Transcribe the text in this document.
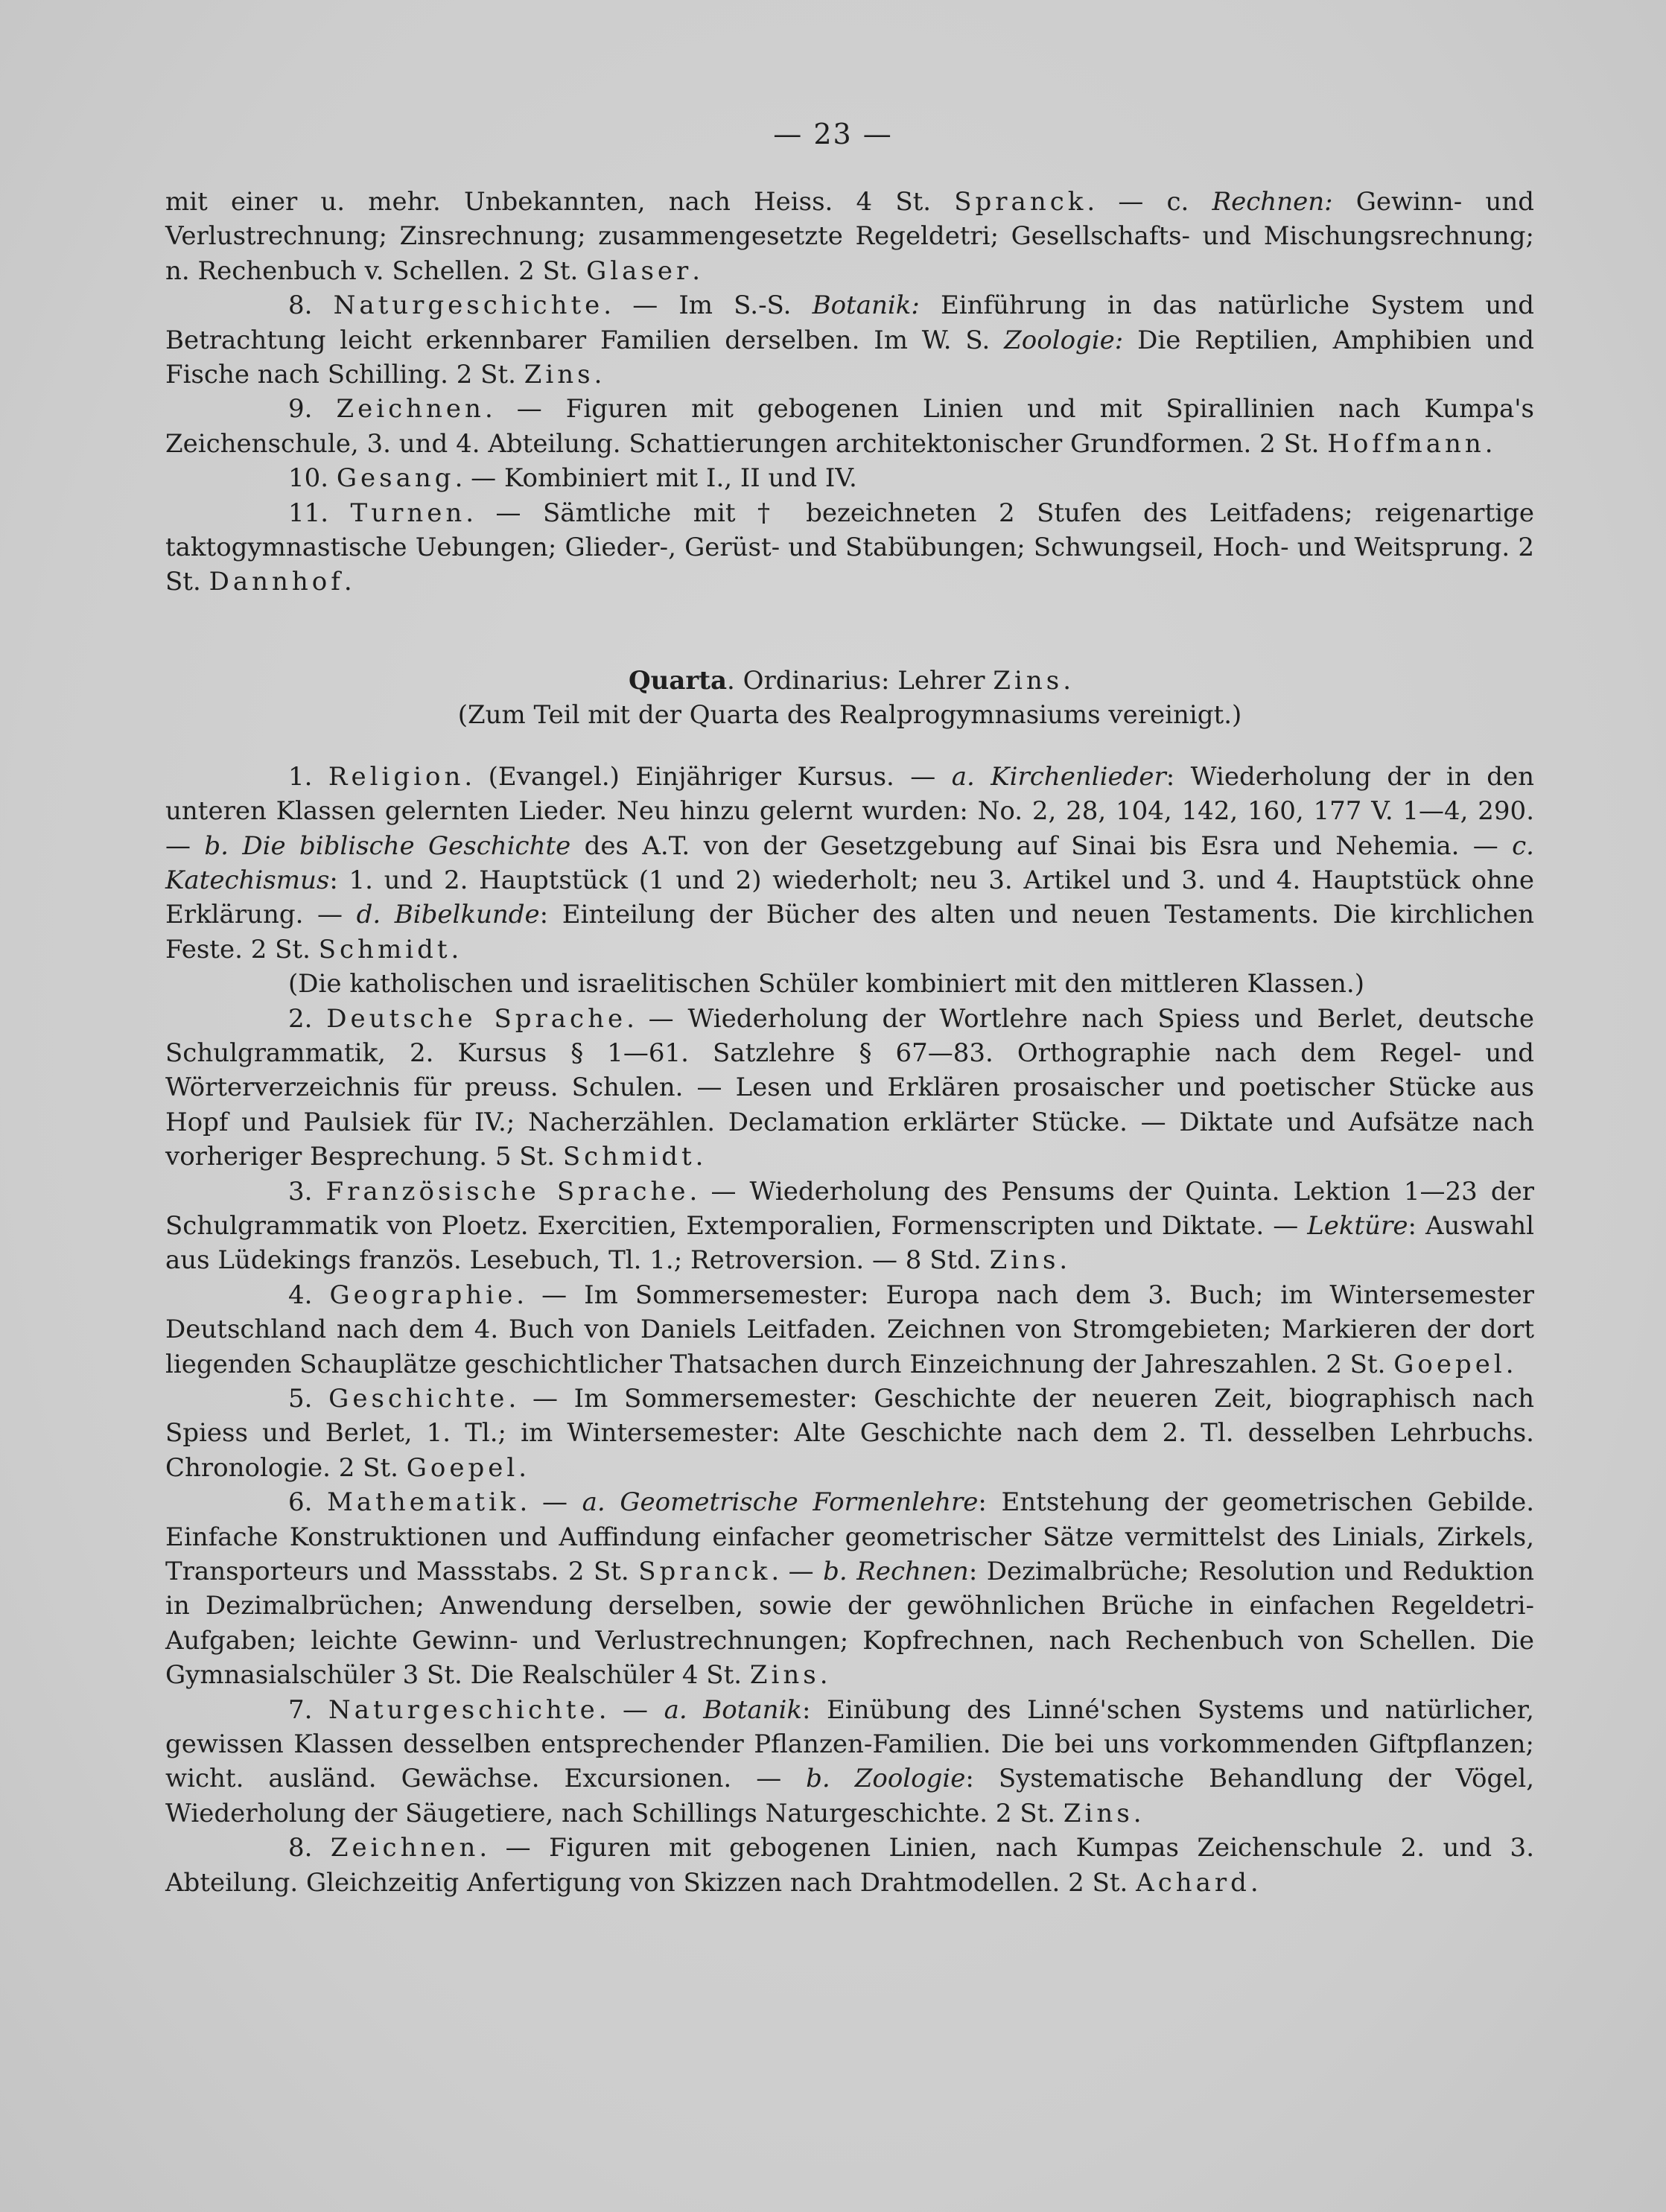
— 23 —

mit einer u. mehr. Unbekannten, nach Heiss. 4 St. Spranck. — c. Rechnen: Gewinn- und Verlustrechnung; Zinsrechnung; zusammengesetzte Regeldetri; Gesellschafts- und Mischungsrechnung; n. Rechenbuch v. Schellen. 2 St. Glaser.

8. Naturgeschichte. — Im S.-S. Botanik: Einführung in das natürliche System und Betrachtung leicht erkennbarer Familien derselben. Im W. S. Zoologie: Die Reptilien, Amphibien und Fische nach Schilling. 2 St. Zins.

9. Zeichnen. — Figuren mit gebogenen Linien und mit Spirallinien nach Kumpa's Zeichenschule, 3. und 4. Abteilung. Schattierungen architektonischer Grundformen. 2 St. Hoffmann.

10. Gesang. — Kombiniert mit I., II und IV.

11. Turnen. — Sämtliche mit † bezeichneten 2 Stufen des Leitfadens; reigenartige taktogymnastische Uebungen; Glieder-, Gerüst- und Stabübungen; Schwungseil, Hoch- und Weitsprung. 2 St. Dannhof.

Quarta. Ordinarius: Lehrer Zins.

(Zum Teil mit der Quarta des Realprogymnasiums vereinigt.)

1. Religion. (Evangel.) Einjähriger Kursus. — a. Kirchenlieder: Wiederholung der in den unteren Klassen gelernten Lieder. Neu hinzu gelernt wurden: No. 2, 28, 104, 142, 160, 177 V. 1—4, 290. — b. Die biblische Geschichte des A.T. von der Gesetzgebung auf Sinai bis Esra und Nehemia. — c. Katechismus: 1. und 2. Hauptstück (1 und 2) wiederholt; neu 3. Artikel und 3. und 4. Hauptstück ohne Erklärung. — d. Bibelkunde: Einteilung der Bücher des alten und neuen Testaments. Die kirchlichen Feste. 2 St. Schmidt.

(Die katholischen und israelitischen Schüler kombiniert mit den mittleren Klassen.)

2. Deutsche Sprache. — Wiederholung der Wortlehre nach Spiess und Berlet, deutsche Schulgrammatik, 2. Kursus § 1—61. Satzlehre § 67—83. Orthographie nach dem Regel- und Wörterverzeichnis für preuss. Schulen. — Lesen und Erklären prosaischer und poetischer Stücke aus Hopf und Paulsiek für IV.; Nacherzählen. Declamation erklärter Stücke. — Diktate und Aufsätze nach vorheriger Besprechung. 5 St. Schmidt.

3. Französische Sprache. — Wiederholung des Pensums der Quinta. Lektion 1—23 der Schulgrammatik von Ploetz. Exercitien, Extemporalien, Formenscripten und Diktate. — Lektüre: Auswahl aus Lüdekings französ. Lesebuch, Tl. 1.; Retroversion. — 8 Std. Zins.

4. Geographie. — Im Sommersemester: Europa nach dem 3. Buch; im Wintersemester Deutschland nach dem 4. Buch von Daniels Leitfaden. Zeichnen von Stromgebieten; Markieren der dort liegenden Schauplätze geschichtlicher Thatsachen durch Einzeichnung der Jahreszahlen. 2 St. Goepel.

5. Geschichte. — Im Sommersemester: Geschichte der neueren Zeit, biographisch nach Spiess und Berlet, 1. Tl.; im Wintersemester: Alte Geschichte nach dem 2. Tl. desselben Lehrbuchs. Chronologie. 2 St. Goepel.

6. Mathematik. — a. Geometrische Formenlehre: Entstehung der geometrischen Gebilde. Einfache Konstruktionen und Auffindung einfacher geometrischer Sätze vermittelst des Linials, Zirkels, Transporteurs und Massstabs. 2 St. Spranck. — b. Rechnen: Dezimalbrüche; Resolution und Reduktion in Dezimalbrüchen; Anwendung derselben, sowie der gewöhnlichen Brüche in einfachen Regeldetri-Aufgaben; leichte Gewinn- und Verlustrechnungen; Kopfrechnen, nach Rechenbuch von Schellen. Die Gymnasialschüler 3 St. Die Realschüler 4 St. Zins.

7. Naturgeschichte. — a. Botanik: Einübung des Linné'schen Systems und natürlicher, gewissen Klassen desselben entsprechender Pflanzen-Familien. Die bei uns vorkommenden Giftpflanzen; wicht. ausländ. Gewächse. Excursionen. — b. Zoologie: Systematische Behandlung der Vögel, Wiederholung der Säugetiere, nach Schillings Naturgeschichte. 2 St. Zins.

8. Zeichnen. — Figuren mit gebogenen Linien, nach Kumpas Zeichenschule 2. und 3. Abteilung. Gleichzeitig Anfertigung von Skizzen nach Drahtmodellen. 2 St. Achard.
